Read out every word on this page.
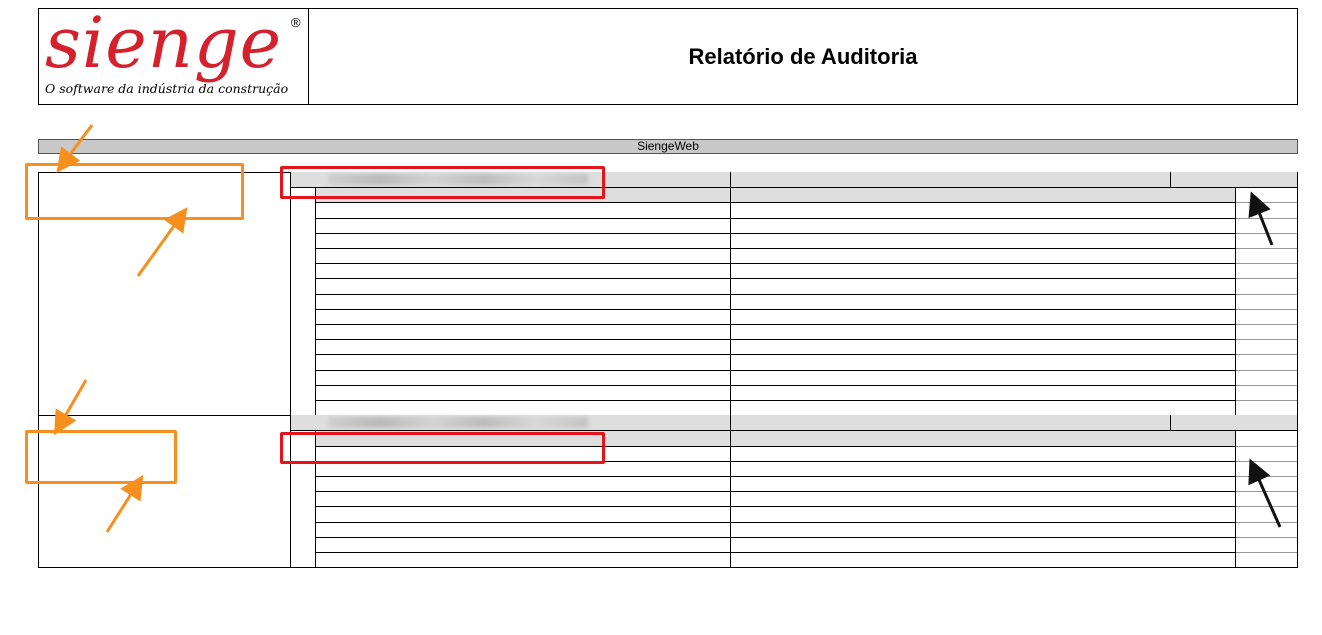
sienge ®
O software da indústria da construção
Relatório de Auditoria
SiengeWeb
